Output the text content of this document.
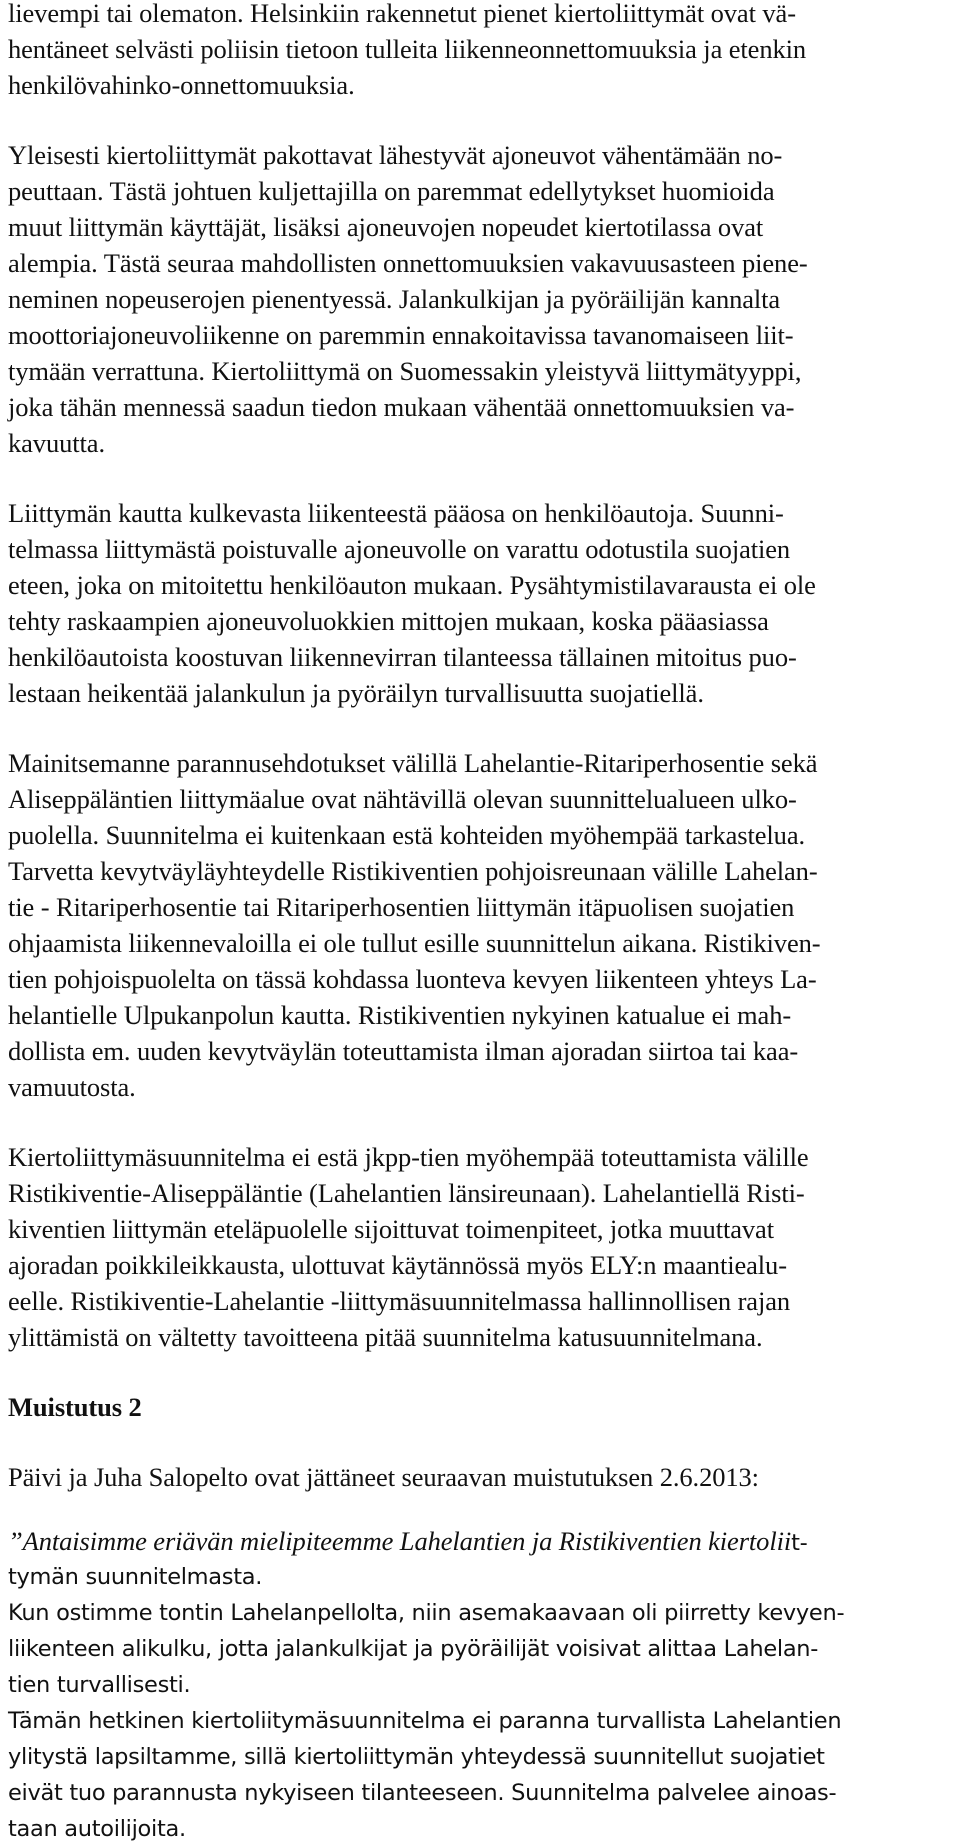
lievempi tai olematon. Helsinkiin rakennetut pienet kiertoliittymät ovat vä-
hentäneet selvästi poliisin tietoon tulleita liikenneonnettomuuksia ja etenkin
henkilövahinko-onnettomuuksia.
Yleisesti kiertoliittymät pakottavat lähestyvät ajoneuvot vähentämään no-
peuttaan. Tästä johtuen kuljettajilla on paremmat edellytykset huomioida
muut liittymän käyttäjät, lisäksi ajoneuvojen nopeudet kiertotilassa ovat
alempia. Tästä seuraa mahdollisten onnettomuuksien vakavuusasteen piene-
neminen nopeuserojen pienentyessä. Jalankulkijan ja pyöräilijän kannalta
moottoriajoneuvoliikenne on paremmin ennakoitavissa tavanomaiseen liit-
tymään verrattuna. Kiertoliittymä on Suomessakin yleistyvä liittymätyyppi,
joka tähän mennessä saadun tiedon mukaan vähentää onnettomuuksien va-
kavuutta.
Liittymän kautta kulkevasta liikenteestä pääosa on henkilöautoja. Suunni-
telmassa liittymästä poistuvalle ajoneuvolle on varattu odotustila suojatien
eteen, joka on mitoitettu henkilöauton mukaan. Pysähtymistilavarausta ei ole
tehty raskaampien ajoneuvoluokkien mittojen mukaan, koska pääasiassa
henkilöautoista koostuvan liikennevirran tilanteessa tällainen mitoitus puo-
lestaan heikentää jalankulun ja pyöräilyn turvallisuutta suojatiellä.
Mainitsemanne parannusehdotukset välillä Lahelantie-Ritariperhosentie sekä
Aliseppäläntien liittymäalue ovat nähtävillä olevan suunnittelualueen ulko-
puolella. Suunnitelma ei kuitenkaan estä kohteiden myöhempää tarkastelua.
Tarvetta kevytväyläyhteydelle Ristikiventien pohjoisreunaan välille Lahelan-
tie - Ritariperhosentie tai Ritariperhosentien liittymän itäpuolisen suojatien
ohjaamista liikennevaloilla ei ole tullut esille suunnittelun aikana. Ristikiven-
tien pohjoispuolelta on tässä kohdassa luonteva kevyen liikenteen yhteys La-
helantielle Ulpukanpolun kautta. Ristikiventien nykyinen katualue ei mah-
dollista em. uuden kevytväylän toteuttamista ilman ajoradan siirtoa tai kaa-
vamuutosta.
Kiertoliittymäsuunnitelma ei estä jkpp-tien myöhempää toteuttamista välille
Ristikiventie-Aliseppäläntie (Lahelantien länsireunaan). Lahelantiellä Risti-
kiventien liittymän eteläpuolelle sijoittuvat toimenpiteet, jotka muuttavat
ajoradan poikkileikkausta, ulottuvat käytännössä myös ELY:n maantiealu-
eelle. Ristikiventie-Lahelantie -liittymäsuunnitelmassa hallinnollisen rajan
ylittämistä on vältetty tavoitteena pitää suunnitelma katusuunnitelmana.
Muistutus 2
Päivi ja Juha Salopelto ovat jättäneet seuraavan muistutuksen 2.6.2013:
”Antaisimme eriävän mielipiteemme Lahelantien ja Ristikiventien kiertoliit-
tymän suunnitelmasta.
Kun ostimme tontin Lahelanpellolta, niin asemakaavaan oli piirretty kevyen-
liikenteen alikulku, jotta jalankulkijat ja pyöräilijät voisivat alittaa Lahelan-
tien turvallisesti.
Tämän hetkinen kiertoliitymäsuunnitelma ei paranna turvallista Lahelantien
ylitystä lapsiltamme, sillä kiertoliittymän yhteydessä suunnitellut suojatiet
eivät tuo parannusta nykyiseen tilanteeseen. Suunnitelma palvelee ainoas-
taan autoilijoita.
